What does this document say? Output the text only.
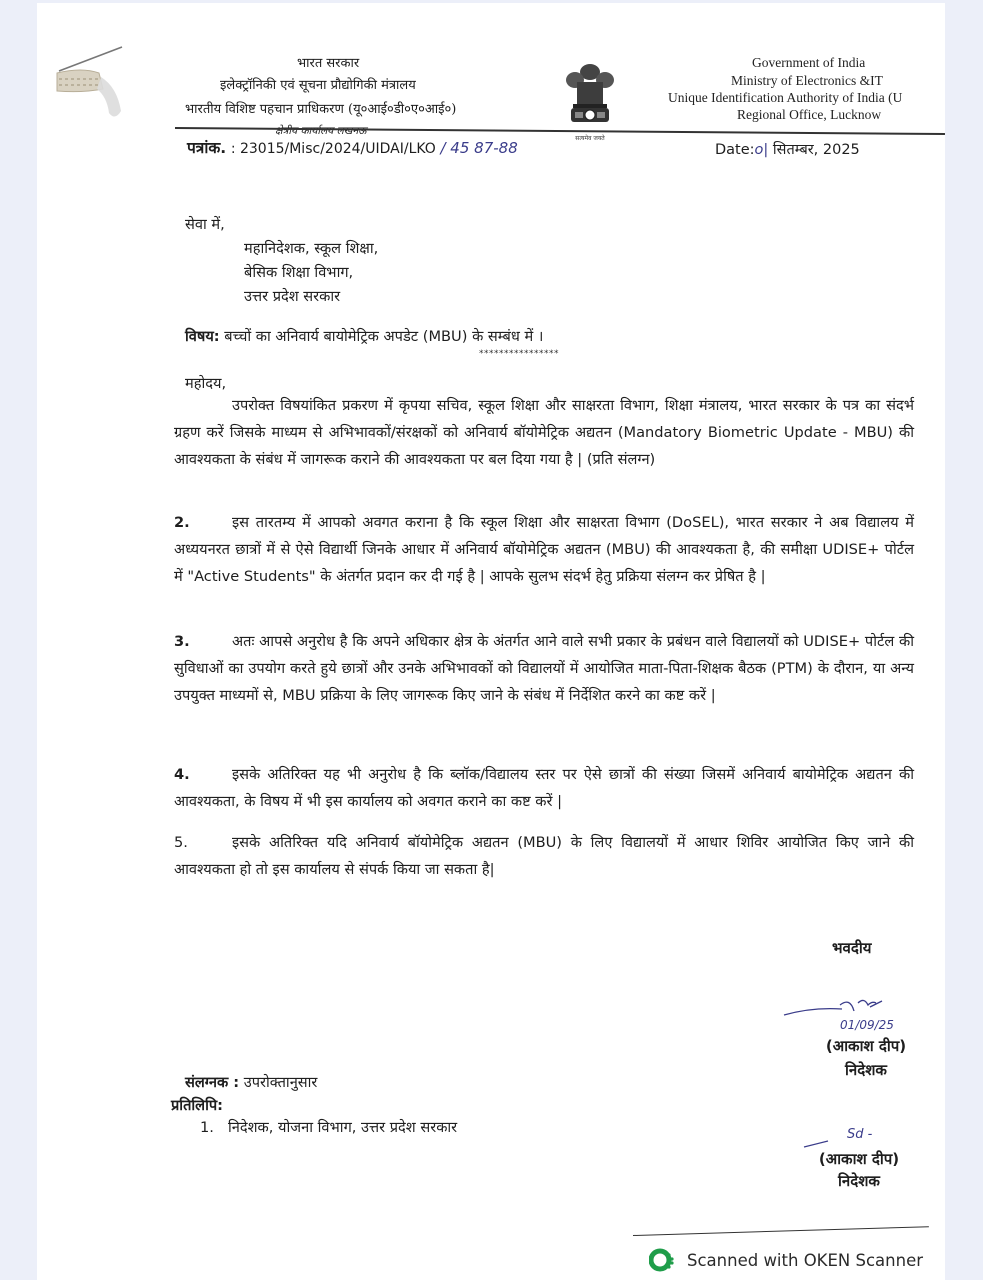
भारत सरकार
इलेक्ट्रॉनिकी एवं सूचना प्रौद्योगिकी मंत्रालय
भारतीय विशिष्ट पहचान प्राधिकरण (यू०आई०डी०ए०आई०)
क्षेत्रीय कार्यालय लखनऊ
सत्यमेव जयते
Government of India
Ministry of Electronics &IT
Unique Identification Authority of India (U
Regional Office, Lucknow
पत्रांक. : 23015/Misc/2024/UIDAI/LKO / 45 87-88	Date:o| सितम्बर, 2025
सेवा में,
महानिदेशक, स्कूल शिक्षा,
बेसिक शिक्षा विभाग,
उत्तर प्रदेश सरकार
विषय: बच्चों का अनिवार्य बायोमेट्रिक अपडेट (MBU) के सम्बंध में ।
****************
महोदय,
उपरोक्त विषयांकित प्रकरण में कृपया सचिव, स्कूल शिक्षा और साक्षरता विभाग, शिक्षा मंत्रालय, भारत सरकार के पत्र का संदर्भ ग्रहण करें जिसके माध्यम से अभिभावकों/संरक्षकों को अनिवार्य बॉयोमेट्रिक अद्यतन (Mandatory Biometric Update - MBU) की आवश्यकता के संबंध में जागरूक कराने की आवश्यकता पर बल दिया गया है | (प्रति संलग्न)
2.	इस तारतम्य में आपको अवगत कराना है कि स्कूल शिक्षा और साक्षरता विभाग (DoSEL), भारत सरकार ने अब विद्यालय में अध्ययनरत छात्रों में से ऐसे विद्यार्थी जिनके आधार में अनिवार्य बॉयोमेट्रिक अद्यतन (MBU) की आवश्यकता है, की समीक्षा UDISE+ पोर्टल में "Active Students" के अंतर्गत प्रदान कर दी गई है | आपके सुलभ संदर्भ हेतु प्रक्रिया संलग्न कर प्रेषित है |
3.	अतः आपसे अनुरोध है कि अपने अधिकार क्षेत्र के अंतर्गत आने वाले सभी प्रकार के प्रबंधन वाले विद्यालयों को UDISE+ पोर्टल की सुविधाओं का उपयोग करते हुये छात्रों और उनके अभिभावकों को विद्यालयों में आयोजित माता-पिता-शिक्षक बैठक (PTM) के दौरान, या अन्य उपयुक्त माध्यमों से, MBU प्रक्रिया के लिए जागरूक किए जाने के संबंध में निर्देशित करने का कष्ट करें |
4.	इसके अतिरिक्त यह भी अनुरोध है कि ब्लॉक/विद्यालय स्तर पर ऐसे छात्रों की संख्या जिसमें अनिवार्य बायोमेट्रिक अद्यतन की आवश्यकता, के विषय में भी इस कार्यालय को अवगत कराने का कष्ट करें |
5.	इसके अतिरिक्त यदि अनिवार्य बॉयोमेट्रिक अद्यतन (MBU) के लिए विद्यालयों में आधार शिविर आयोजित किए जाने की आवश्यकता हो तो इस कार्यालय से संपर्क किया जा सकता है|
भवदीय
01/09/25
(आकाश दीप)
निदेशक
संलग्नक : उपरोक्तानुसार
प्रतिलिपि:
1. निदेशक, योजना विभाग, उत्तर प्रदेश सरकार	Sd -
(आकाश दीप)
निदेशक
Scanned with OKEN Scanner
